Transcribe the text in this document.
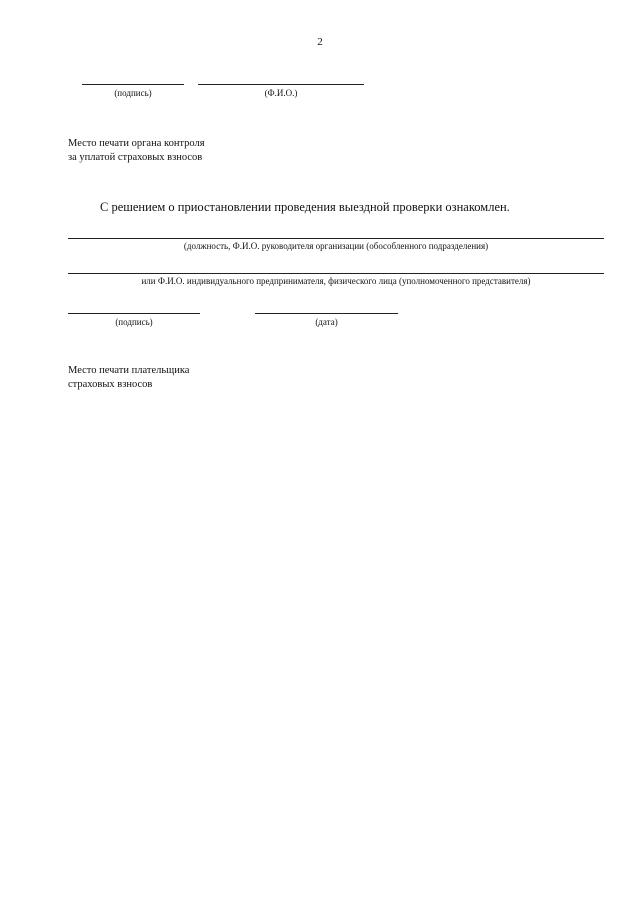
2
(подпись)	(Ф.И.О.)
Место печати органа контроля
за уплатой страховых взносов
С решением о приостановлении проведения выездной проверки ознакомлен.
(должность, Ф.И.О. руководителя организации (обособленного подразделения)
или Ф.И.О. индивидуального предпринимателя, физического лица (уполномоченного представителя)
(подпись)	(дата)
Место печати плательщика
страховых взносов
